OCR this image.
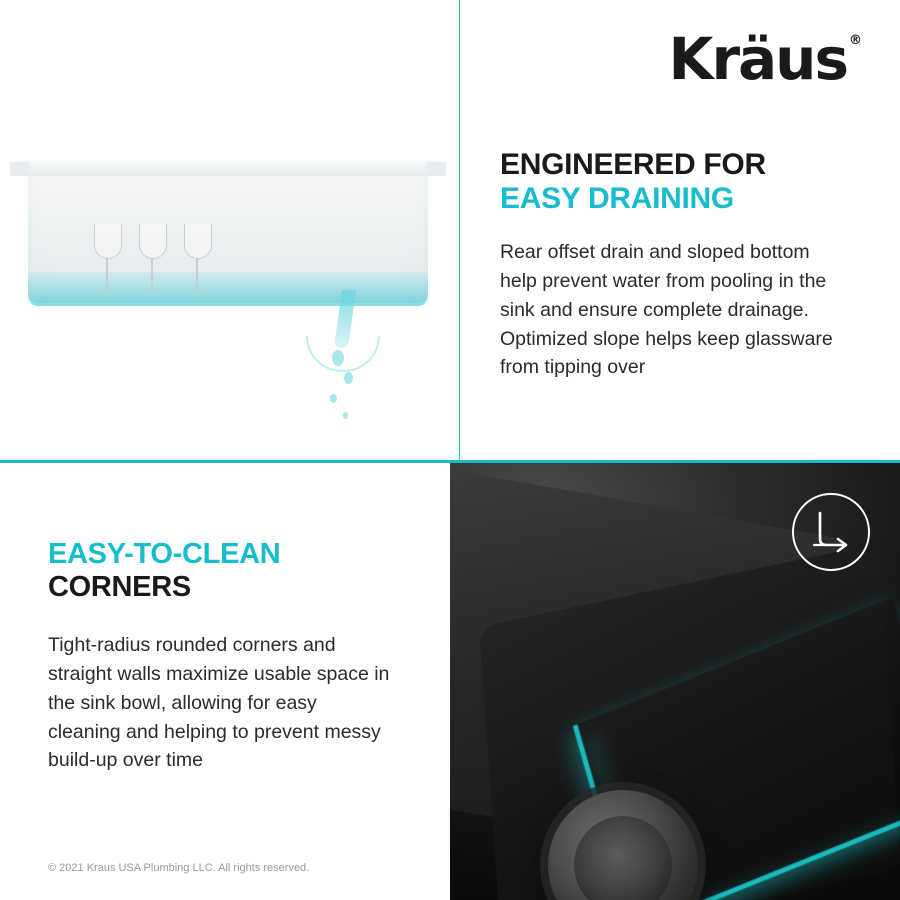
Kräus ®
ENGINEERED FOR
EASY DRAINING
Rear offset drain and sloped bottom help prevent water from pooling in the sink and ensure complete drainage. Optimized slope helps keep glassware from tipping over
EASY-TO-CLEAN
CORNERS
Tight-radius rounded corners and straight walls maximize usable space in the sink bowl, allowing for easy cleaning and helping to prevent messy build-up over time
© 2021 Kraus USA Plumbing LLC. All rights reserved.
